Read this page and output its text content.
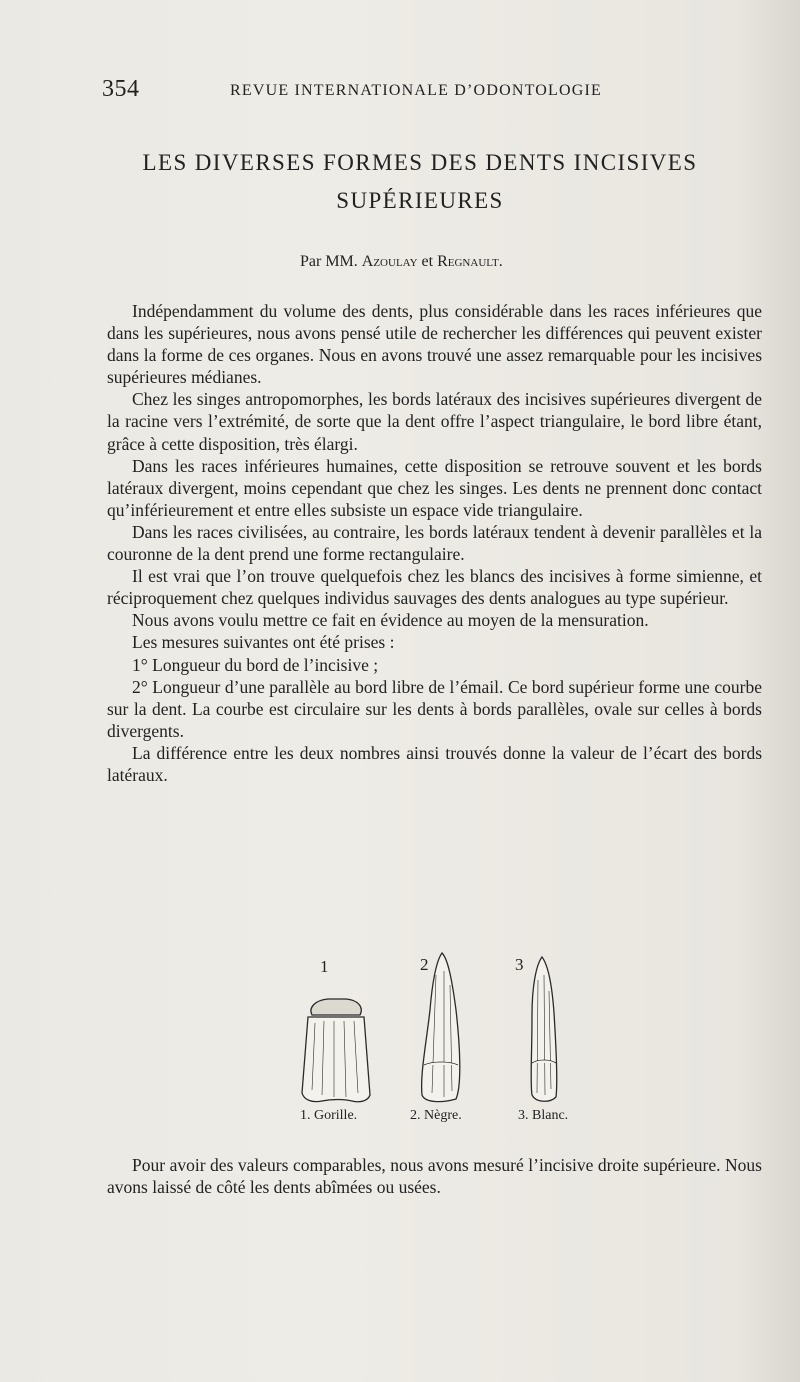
354	REVUE INTERNATIONALE D’ODONTOLOGIE
LES DIVERSES FORMES DES DENTS INCISIVES
SUPÉRIEURES
Par MM. Azoulay et Regnault.

Indépendamment du volume des dents, plus considérable dans les races inférieures que dans les supérieures, nous avons pensé utile de rechercher les différences qui peuvent exister dans la forme de ces organes. Nous en avons trouvé une assez remarquable pour les incisives supérieures médianes.

Chez les singes antropomorphes, les bords latéraux des incisives supérieures divergent de la racine vers l’extrémité, de sorte que la dent offre l’aspect triangulaire, le bord libre étant, grâce à cette disposition, très élargi.

Dans les races inférieures humaines, cette disposition se retrouve souvent et les bords latéraux divergent, moins cependant que chez les singes. Les dents ne prennent donc contact qu’inférieurement et entre elles subsiste un espace vide triangulaire.

Dans les races civilisées, au contraire, les bords latéraux tendent à devenir parallèles et la couronne de la dent prend une forme rectangulaire.

Il est vrai que l’on trouve quelquefois chez les blancs des incisives à forme simienne, et réciproquement chez quelques individus sauvages des dents analogues au type supérieur.

Nous avons voulu mettre ce fait en évidence au moyen de la mensuration.

Les mesures suivantes ont été prises :

1° Longueur du bord de l’incisive ;

2° Longueur d’une parallèle au bord libre de l’émail. Ce bord supérieur forme une courbe sur la dent. La courbe est circulaire sur les dents à bords parallèles, ovale sur celles à bords divergents.

La différence entre les deux nombres ainsi trouvés donne la valeur de l’écart des bords latéraux.

1	2	3
1. Gorille.	2. Nègre.	3. Blanc.

Pour avoir des valeurs comparables, nous avons mesuré l’incisive droite supérieure. Nous avons laissé de côté les dents abîmées ou usées.
